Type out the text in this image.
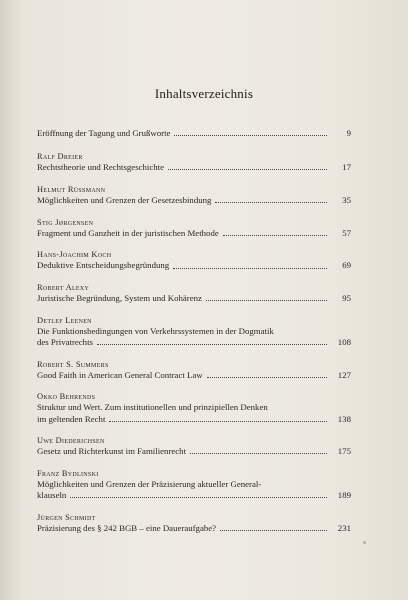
Inhaltsverzeichnis
Eröffnung der Tagung und Grußworte	9
Ralf Dreier
Rechtstheorie und Rechtsgeschichte	17
Helmut Rüssmann
Möglichkeiten und Grenzen der Gesetzesbindung	35
Stig Jørgensen
Fragment und Ganzheit in der juristischen Methode	57
Hans-Joachim Koch
Deduktive Entscheidungsbegründung	69
Robert Alexy
Juristische Begründung, System und Kohärenz	95
Detlef Leenen
Die Funktionsbedingungen von Verkehrssystemen in der Dogmatik
des Privatrechts	108
Robert S. Summers
Good Faith in American General Contract Law	127
Okko Behrends
Struktur und Wert. Zum institutionellen und prinzipiellen Denken
im geltenden Recht	138
Uwe Diederichsen
Gesetz und Richterkunst im Familienrecht	175
Franz Bydlinski
Möglichkeiten und Grenzen der Präzisierung aktueller General-
klauseln	189
Jürgen Schmidt
Präzisierung des § 242 BGB – eine Daueraufgabe?	231
